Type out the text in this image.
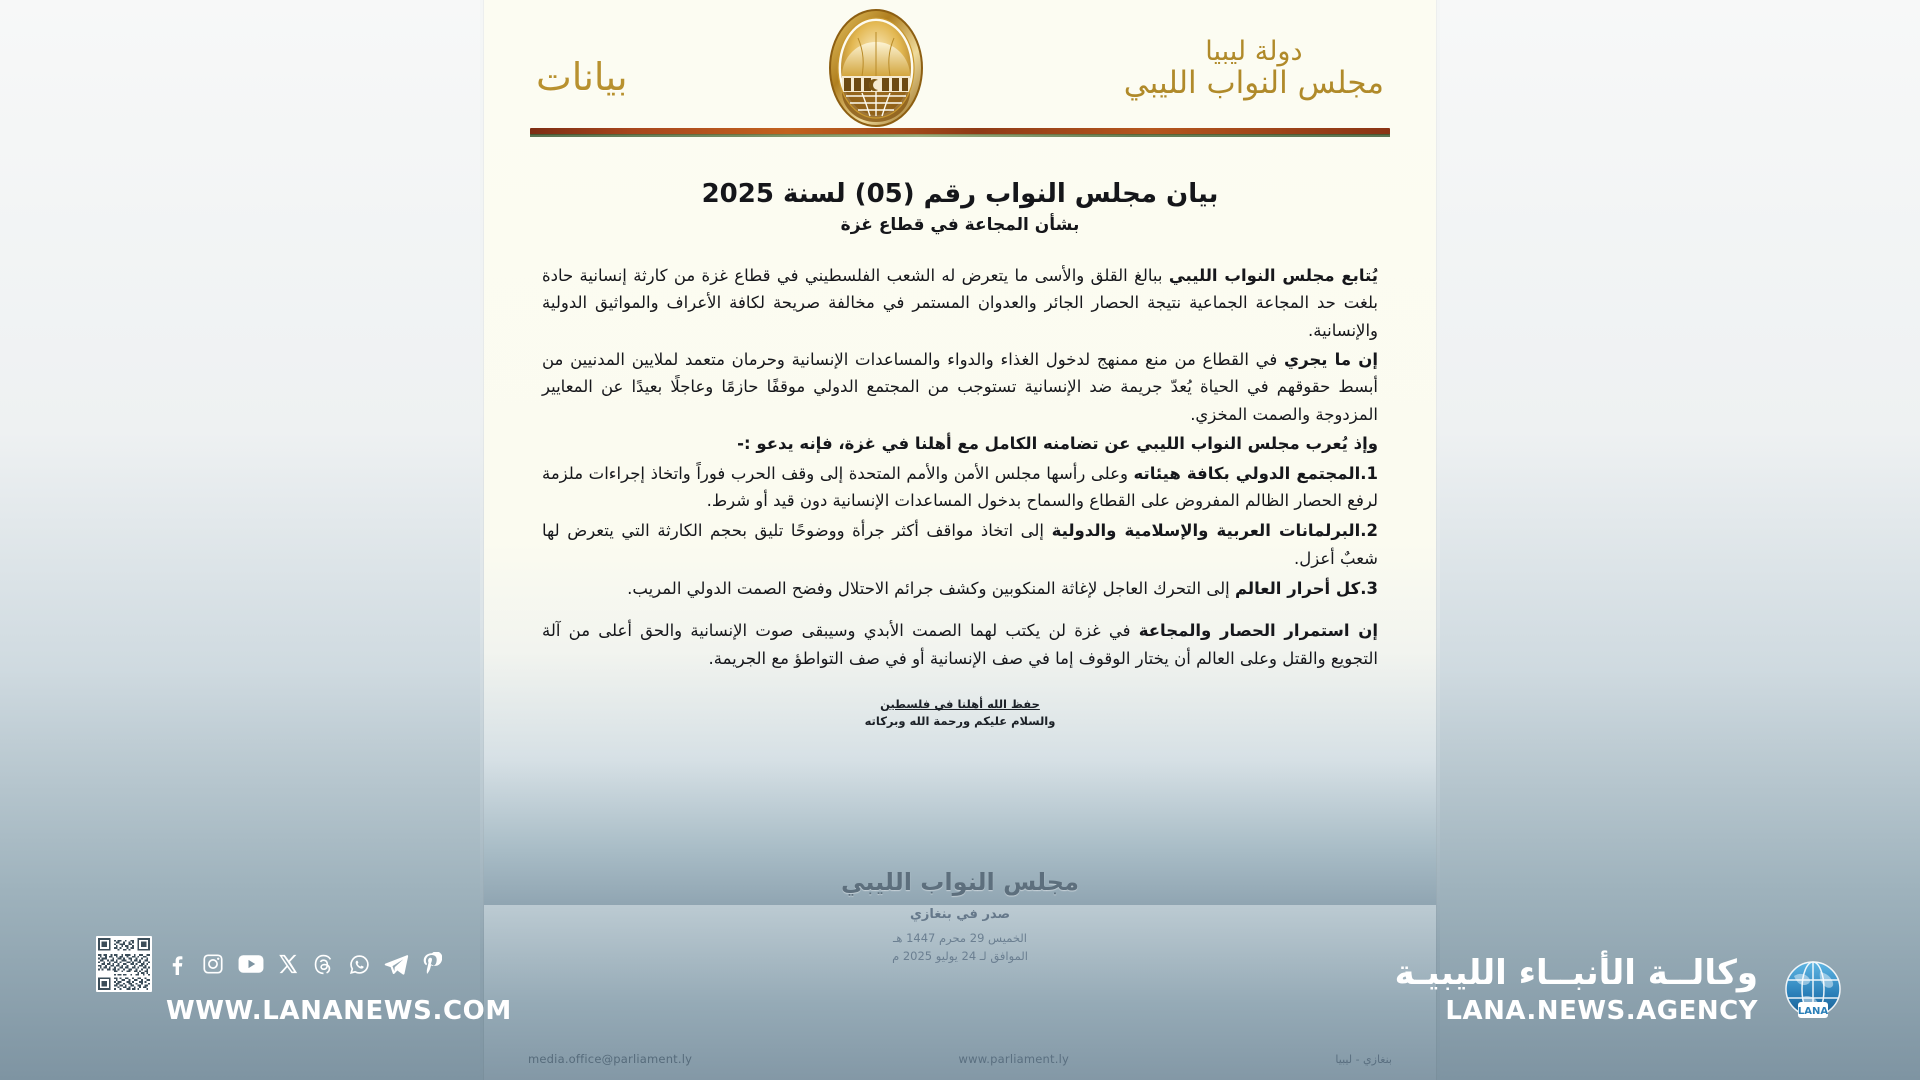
بيانات
دولة ليبيا
مجلس النواب الليبي
بيان مجلس النواب رقم (05) لسنة 2025
بشأن المجاعة في قطاع غزة

يُتابع مجلس النواب الليبي ببالغ القلق والأسى ما يتعرض له الشعب الفلسطيني في قطاع غزة من كارثة إنسانية حادة بلغت حد المجاعة الجماعية نتيجة الحصار الجائر والعدوان المستمر في مخالفة صريحة لكافة الأعراف والمواثيق الدولية والإنسانية.

إن ما يجري في القطاع من منع ممنهج لدخول الغذاء والدواء والمساعدات الإنسانية وحرمان متعمد لملايين المدنيين من أبسط حقوقهم في الحياة يُعدّ جريمة ضد الإنسانية تستوجب من المجتمع الدولي موقفًا حازمًا وعاجلًا بعيدًا عن المعايير المزدوجة والصمت المخزي.

وإذ يُعرب مجلس النواب الليبي عن تضامنه الكامل مع أهلنا في غزة، فإنه يدعو :-

1.المجتمع الدولي بكافة هيئاته وعلى رأسها مجلس الأمن والأمم المتحدة إلى وقف الحرب فوراً واتخاذ إجراءات ملزمة لرفع الحصار الظالم المفروض على القطاع والسماح بدخول المساعدات الإنسانية دون قيد أو شرط.

2.البرلمانات العربية والإسلامية والدولية إلى اتخاذ مواقف أكثر جرأة ووضوحًا تليق بحجم الكارثة التي يتعرض لها شعبٌ أعزل.

3.كل أحرار العالم إلى التحرك العاجل لإغاثة المنكوبين وكشف جرائم الاحتلال وفضح الصمت الدولي المريب.

إن استمرار الحصار والمجاعة في غزة لن يكتب لهما الصمت الأبدي وسيبقى صوت الإنسانية والحق أعلى من آلة التجويع والقتل وعلى العالم أن يختار الوقوف إما في صف الإنسانية أو في صف التواطؤ مع الجريمة.

حفظ الله أهلنا في فلسطين
والسلام عليكم ورحمة الله وبركاته
مجلس النواب الليبي
صدر في بنغازي
الخميس 29 محرم 1447 هـ
الموافق لـ 24 يوليو 2025 م
media.office@parliament.ly	www.parliament.ly	بنغازي - ليبيا
WWW.LANANEWS.COM
وكالــة الأنبــاء الليبيـة
LANA.NEWS.AGENCY	LANA
